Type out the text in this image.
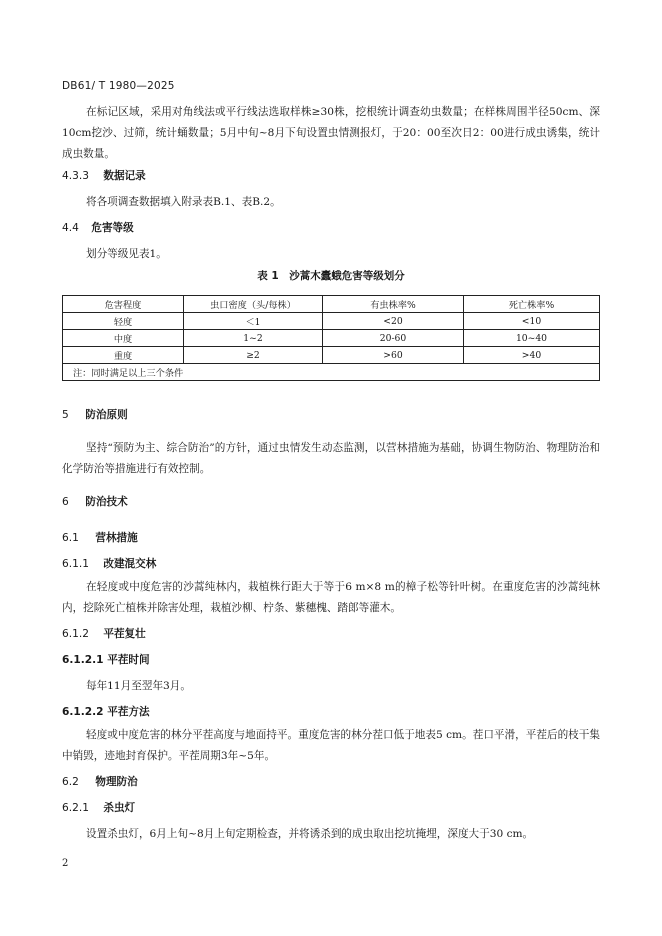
DB61/ T 1980—2025

在标记区域，采用对角线法或平行线法选取样株≥30株，挖根统计调查幼虫数量；在样株周围半径50cm、深10cm挖沙、过筛，统计蛹数量；5月中旬~8月下旬设置虫情测报灯，于20：00至次日2：00进行成虫诱集，统计成虫数量。

4.3.3 数据记录
将各项调查数据填入附录表B.1、表B.2。
4.4 危害等级
划分等级见表1。
表 1　沙蒿木蠹蛾危害等级划分
危害程度	虫口密度（头/每株）	有虫株率%	死亡株率%
轻度	＜1	<20	<10
中度	1~2	20-60	10~40
重度	≥2	>60	>40
注：同时满足以上三个条件			
5 防治原则

坚持“预防为主、综合防治”的方针，通过虫情发生动态监测，以营林措施为基础，协调生物防治、物理防治和化学防治等措施进行有效控制。

6 防治技术
6.1 营林措施
6.1.1 改建混交林

在轻度或中度危害的沙蒿纯林内，栽植株行距大于等于6 m×8 m的樟子松等针叶树。在重度危害的沙蒿纯林内，挖除死亡植株并除害处理，栽植沙柳、柠条、紫穗槐、踏郎等灌木。

6.1.2 平茬复壮
6.1.2.1 平茬时间
每年11月至翌年3月。
6.1.2.2 平茬方法

轻度或中度危害的林分平茬高度与地面持平。重度危害的林分茬口低于地表5 cm。茬口平滑，平茬后的枝干集中销毁，迹地封育保护。平茬周期3年~5年。

6.2 物理防治
6.2.1 杀虫灯
设置杀虫灯，6月上旬~8月上旬定期检查，并将诱杀到的成虫取出挖坑掩埋，深度大于30 cm。
2
